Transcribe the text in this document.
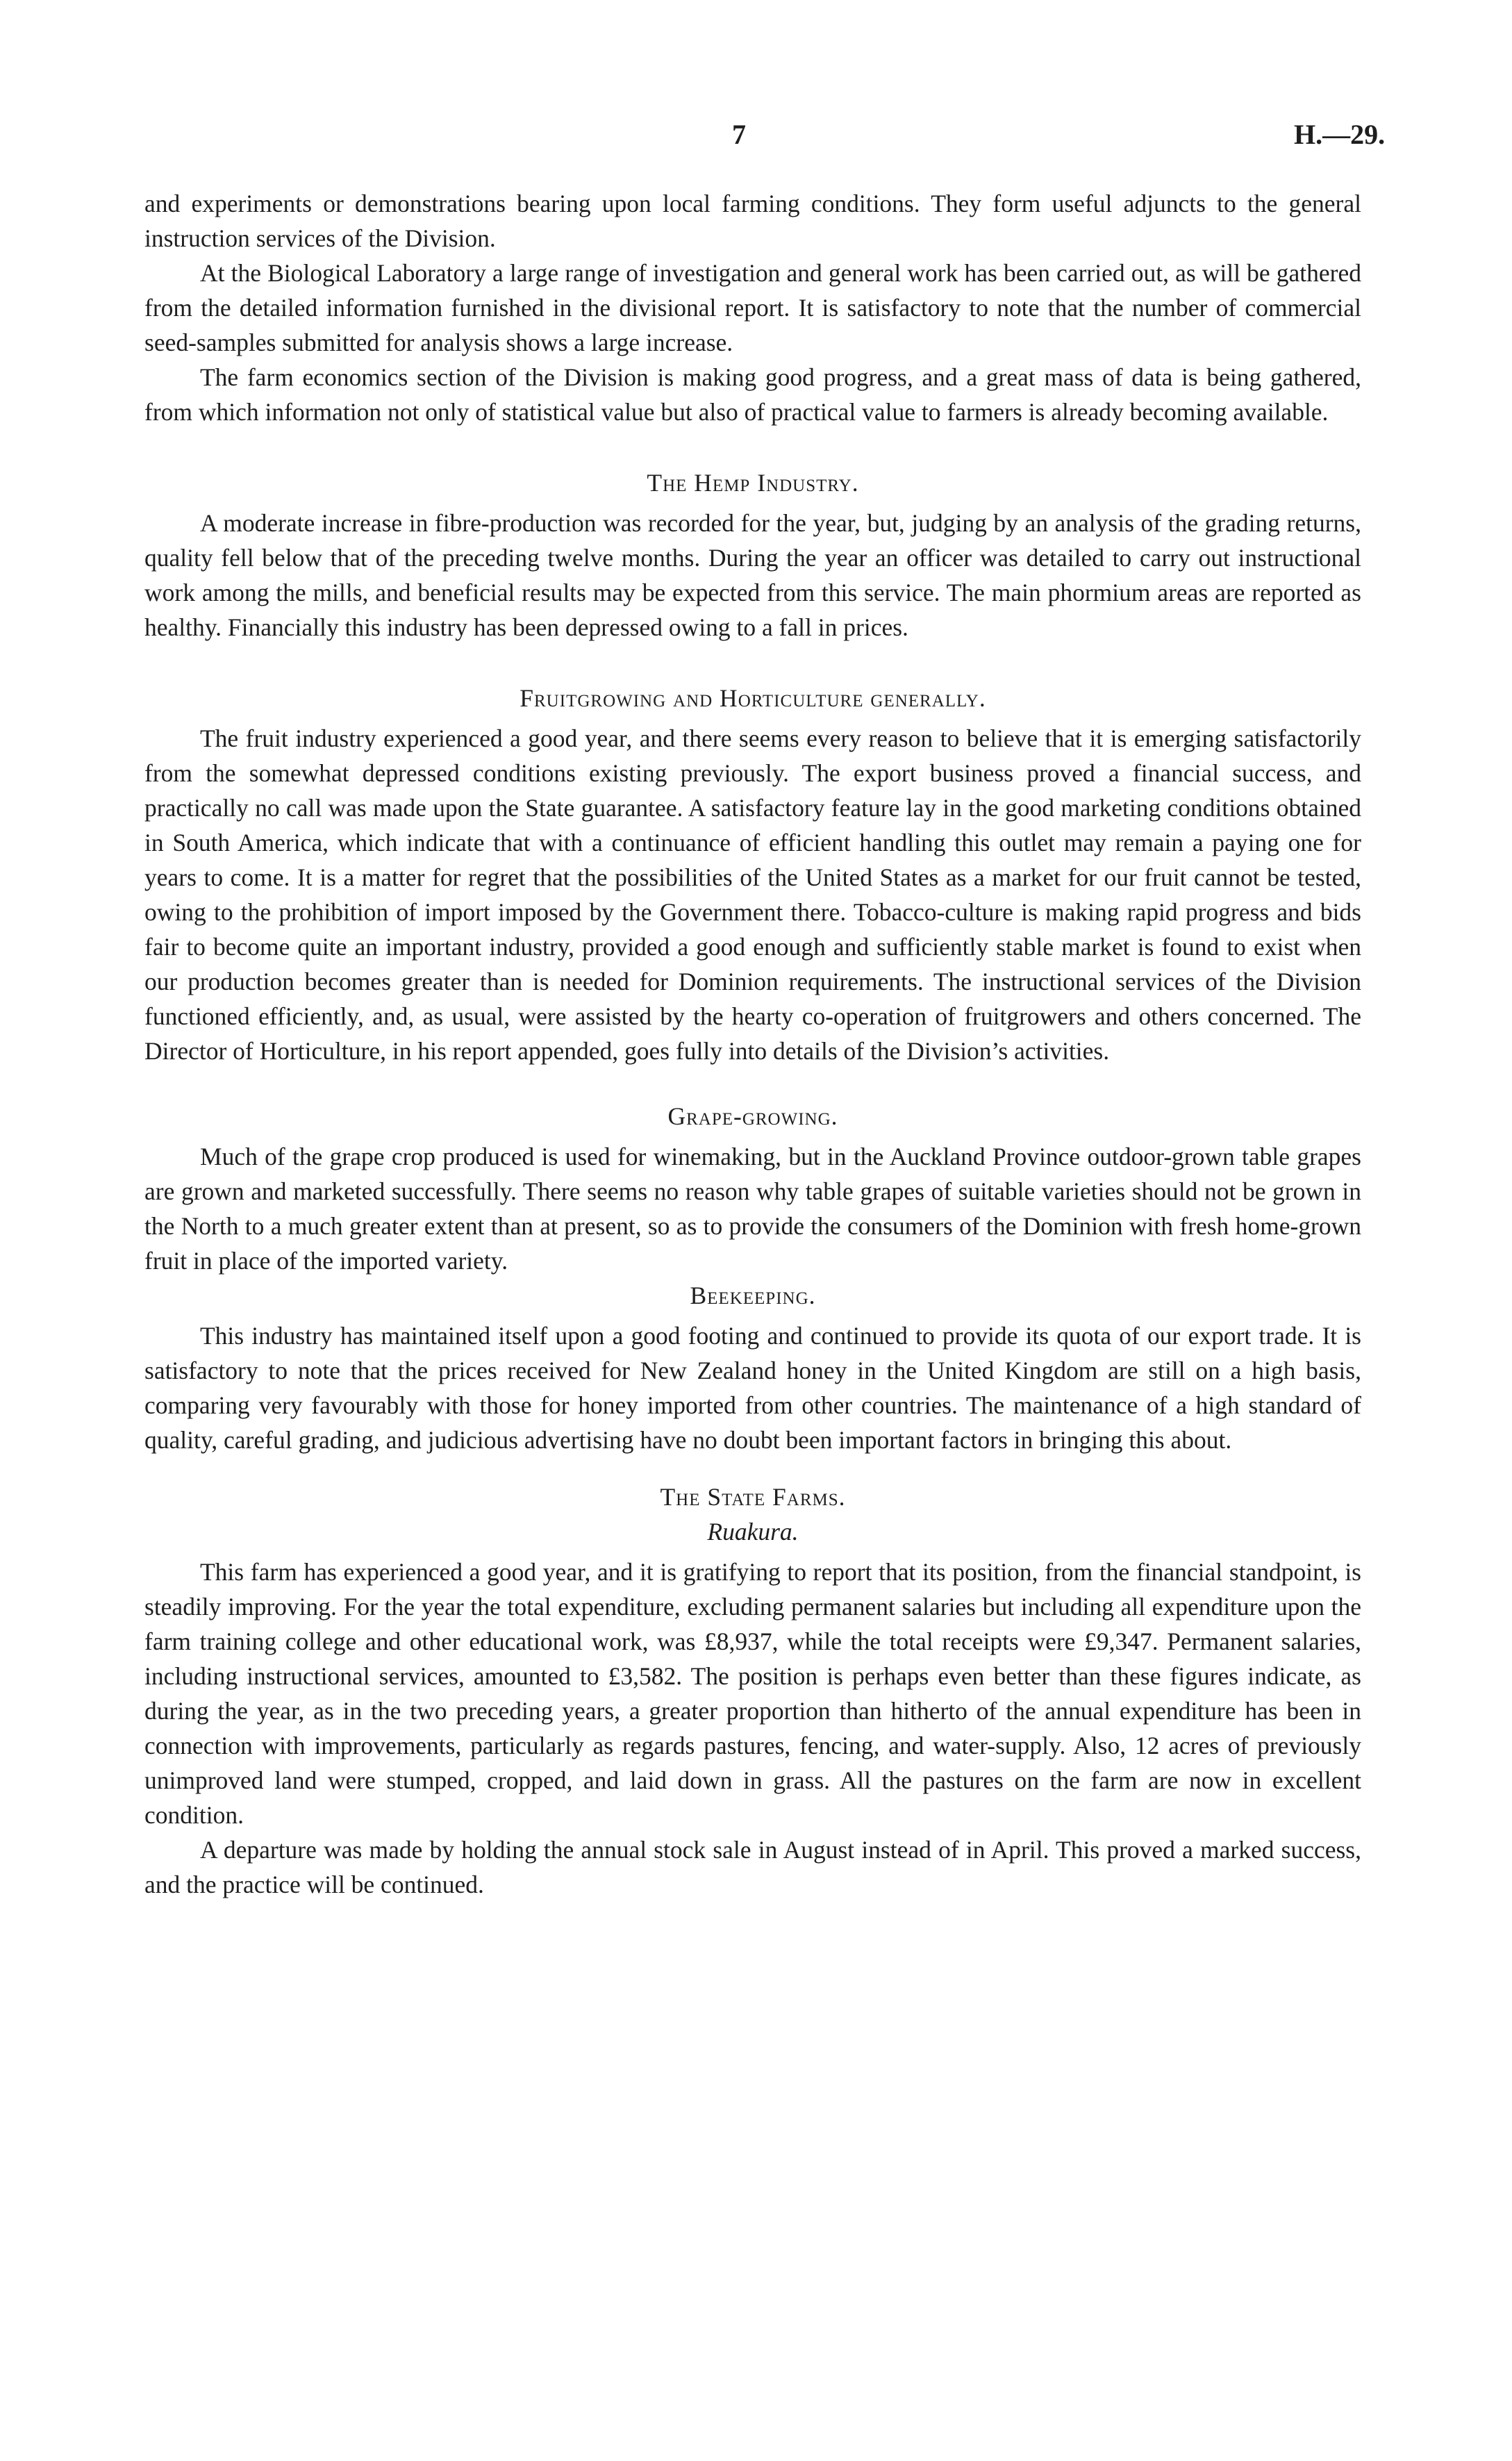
7	H.—29.

and experiments or demonstrations bearing upon local farming conditions. They form useful adjuncts to the general instruction services of the Division.

At the Biological Laboratory a large range of investigation and general work has been carried out, as will be gathered from the detailed information furnished in the divisional report. It is satisfactory to note that the number of commercial seed-samples submitted for analysis shows a large increase.

The farm economics section of the Division is making good progress, and a great mass of data is being gathered, from which information not only of statistical value but also of practical value to farmers is already becoming available.

The Hemp Industry.

A moderate increase in fibre-production was recorded for the year, but, judging by an analysis of the grading returns, quality fell below that of the preceding twelve months. During the year an officer was detailed to carry out instructional work among the mills, and beneficial results may be expected from this service. The main phormium areas are reported as healthy. Financially this industry has been depressed owing to a fall in prices.

Fruitgrowing and Horticulture generally.

The fruit industry experienced a good year, and there seems every reason to believe that it is emerging satisfactorily from the somewhat depressed conditions existing previously. The export business proved a financial success, and practically no call was made upon the State guarantee. A satisfactory feature lay in the good marketing conditions obtained in South America, which indicate that with a continuance of efficient handling this outlet may remain a paying one for years to come. It is a matter for regret that the possibilities of the United States as a market for our fruit cannot be tested, owing to the prohibition of import imposed by the Government there. Tobacco-culture is making rapid progress and bids fair to become quite an important industry, provided a good enough and sufficiently stable market is found to exist when our production becomes greater than is needed for Dominion requirements. The instructional services of the Division functioned efficiently, and, as usual, were assisted by the hearty co-operation of fruitgrowers and others concerned. The Director of Horticulture, in his report appended, goes fully into details of the Division’s activities.

Grape-growing.

Much of the grape crop produced is used for winemaking, but in the Auckland Province outdoor-grown table grapes are grown and marketed successfully. There seems no reason why table grapes of suitable varieties should not be grown in the North to a much greater extent than at present, so as to provide the consumers of the Dominion with fresh home-grown fruit in place of the imported variety.

Beekeeping.

This industry has maintained itself upon a good footing and continued to provide its quota of our export trade. It is satisfactory to note that the prices received for New Zealand honey in the United Kingdom are still on a high basis, comparing very favourably with those for honey imported from other countries. The maintenance of a high standard of quality, careful grading, and judicious advertising have no doubt been important factors in bringing this about.

The State Farms.
Ruakura.

This farm has experienced a good year, and it is gratifying to report that its position, from the financial standpoint, is steadily improving. For the year the total expenditure, excluding permanent salaries but including all expenditure upon the farm training college and other educational work, was £8,937, while the total receipts were £9,347. Permanent salaries, including instructional services, amounted to £3,582. The position is perhaps even better than these figures indicate, as during the year, as in the two preceding years, a greater proportion than hitherto of the annual expenditure has been in connection with improvements, particularly as regards pastures, fencing, and water-supply. Also, 12 acres of previously unimproved land were stumped, cropped, and laid down in grass. All the pastures on the farm are now in excellent condition.

A departure was made by holding the annual stock sale in August instead of in April. This proved a marked success, and the practice will be continued.
